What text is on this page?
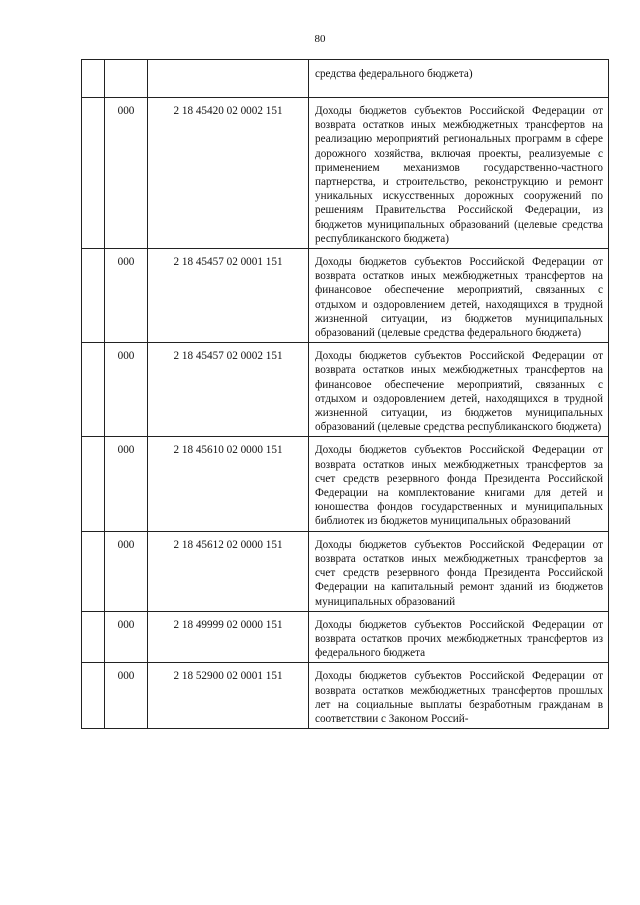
80
			средства федерального бюджета)
	000	2 18 45420 02 0002 151	Доходы бюджетов субъектов Российской Федерации от возврата остатков иных межбюджетных трансфертов на реализацию мероприятий региональных программ в сфере дорожного хозяйства, включая проекты, реализуемые с применением механизмов государственно-частного партнерства, и строительство, реконструкцию и ремонт уникальных искусственных дорожных сооружений по решениям Правительства Российской Федерации, из бюджетов муниципальных образований (целевые средства республиканского бюджета)
	000	2 18 45457 02 0001 151	Доходы бюджетов субъектов Российской Федерации от возврата остатков иных межбюджетных трансфертов на финансовое обеспечение мероприятий, связанных с отдыхом и оздоровлением детей, находящихся в трудной жизненной ситуации, из бюджетов муниципальных образований (целевые средства федерального бюджета)
	000	2 18 45457 02 0002 151	Доходы бюджетов субъектов Российской Федерации от возврата остатков иных межбюджетных трансфертов на финансовое обеспечение мероприятий, связанных с отдыхом и оздоровлением детей, находящихся в трудной жизненной ситуации, из бюджетов муниципальных образований (целевые средства республиканского бюджета)
	000	2 18 45610 02 0000 151	Доходы бюджетов субъектов Российской Федерации от возврата остатков иных межбюджетных трансфертов за счет средств резервного фонда Президента Российской Федерации на комплектование книгами для детей и юношества фондов государственных и муниципальных библиотек из бюджетов муниципальных образований
	000	2 18 45612 02 0000 151	Доходы бюджетов субъектов Российской Федерации от возврата остатков иных межбюджетных трансфертов за счет средств резервного фонда Президента Российской Федерации на капитальный ремонт зданий из бюджетов муниципальных образований
	000	2 18 49999 02 0000 151	Доходы бюджетов субъектов Российской Федерации от возврата остатков прочих межбюджетных трансфертов из федерального бюджета
	000	2 18 52900 02 0001 151	Доходы бюджетов субъектов Российской Федерации от возврата остатков межбюджетных трансфертов прошлых лет на социальные выплаты безработным гражданам в соответствии с Законом Россий-
